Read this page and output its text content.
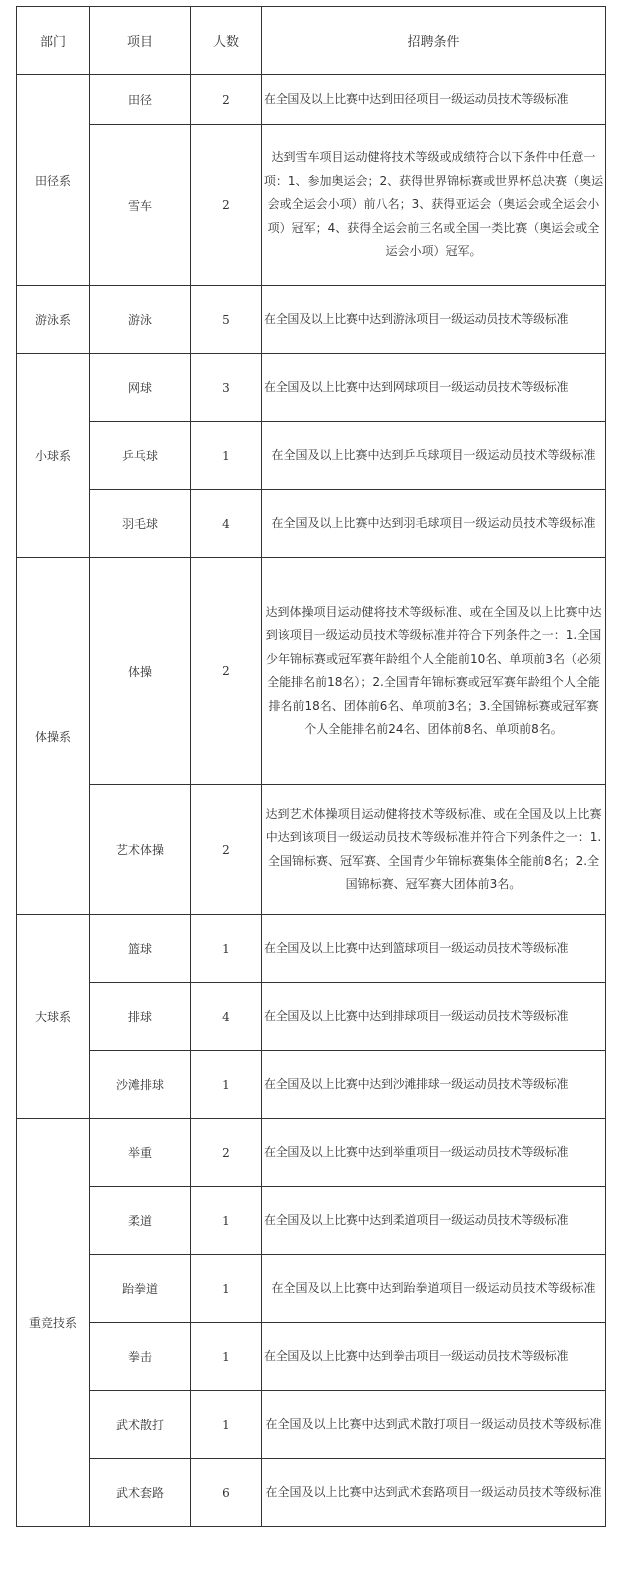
部门	项目	人数	招聘条件
田径系	田径	2	在全国及以上比赛中达到田径项目一级运动员技术等级标准
	雪车	2	达到雪车项目运动健将技术等级或成绩符合以下条件中任意一项：1、参加奥运会；2、获得世界锦标赛或世界杯总决赛（奥运会或全运会小项）前八名；3、获得亚运会（奥运会或全运会小项）冠军；4、获得全运会前三名或全国一类比赛（奥运会或全运会小项）冠军。
游泳系	游泳	5	在全国及以上比赛中达到游泳项目一级运动员技术等级标准
小球系	网球	3	在全国及以上比赛中达到网球项目一级运动员技术等级标准
	乒乓球	1	在全国及以上比赛中达到乒乓球项目一级运动员技术等级标准
	羽毛球	4	在全国及以上比赛中达到羽毛球项目一级运动员技术等级标准
体操系	体操	2	达到体操项目运动健将技术等级标准、或在全国及以上比赛中达到该项目一级运动员技术等级标准并符合下列条件之一：1.全国少年锦标赛或冠军赛年龄组个人全能前10名、单项前3名（必须全能排名前18名）；2.全国青年锦标赛或冠军赛年龄组个人全能排名前18名、团体前6名、单项前3名；3.全国锦标赛或冠军赛个人全能排名前24名、团体前8名、单项前8名。
	艺术体操	2	达到艺术体操项目运动健将技术等级标准、或在全国及以上比赛中达到该项目一级运动员技术等级标准并符合下列条件之一：1.全国锦标赛、冠军赛、全国青少年锦标赛集体全能前8名；2.全国锦标赛、冠军赛大团体前3名。
大球系	篮球	1	在全国及以上比赛中达到篮球项目一级运动员技术等级标准
	排球	4	在全国及以上比赛中达到排球项目一级运动员技术等级标准
	沙滩排球	1	在全国及以上比赛中达到沙滩排球一级运动员技术等级标准
重竞技系	举重	2	在全国及以上比赛中达到举重项目一级运动员技术等级标准
	柔道	1	在全国及以上比赛中达到柔道项目一级运动员技术等级标准
	跆拳道	1	在全国及以上比赛中达到跆拳道项目一级运动员技术等级标准
	拳击	1	在全国及以上比赛中达到拳击项目一级运动员技术等级标准
	武术散打	1	在全国及以上比赛中达到武术散打项目一级运动员技术等级标准
	武术套路	6	在全国及以上比赛中达到武术套路项目一级运动员技术等级标准
